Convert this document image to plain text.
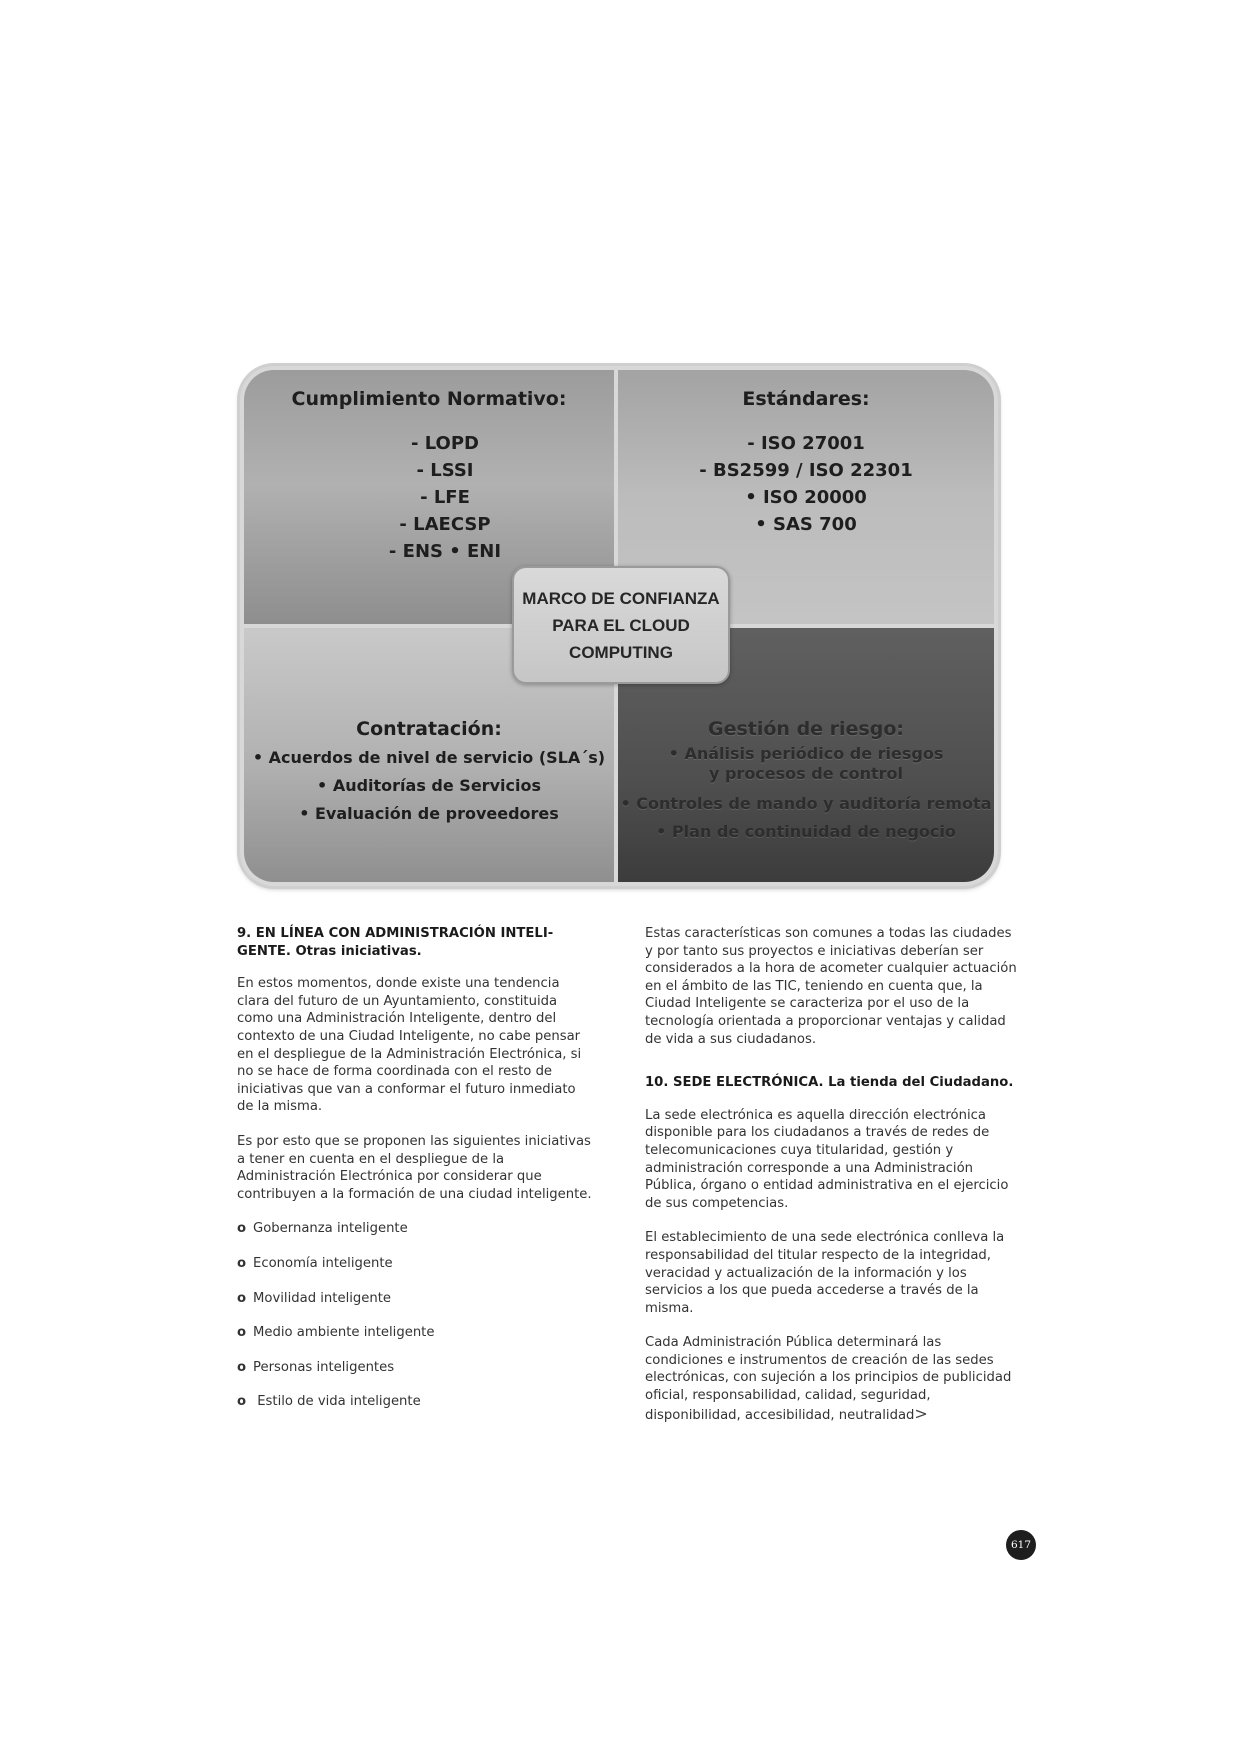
Cumplimiento Normativo:
- LOPD
- LSSI
- LFE
- LAECSP
- ENS • ENI
Estándares:
- ISO 27001
- BS2599 / ISO 22301
• ISO 20000
• SAS 700
Contratación:
• Acuerdos de nivel de servicio (SLA´s)
• Auditorías de Servicios
• Evaluación de proveedores
Gestión de riesgo:
• Análisis periódico de riesgos
y procesos de control
• Controles de mando y auditoría remota
• Plan de continuidad de negocio
MARCO DE CONFIANZA
PARA EL CLOUD
COMPUTING
9. EN LÍNEA CON ADMINISTRACIÓN INTELI-
GENTE. Otras iniciativas.
En estos momentos, donde existe una tendencia clara del futuro de un Ayuntamiento, constituida como una Administración Inteligente, dentro del contexto de una Ciudad Inteligente, no cabe pensar en el despliegue de la Administración Electrónica, si no se hace de forma coordinada con el resto de iniciativas que van a conformar el futuro inmediato de la misma.
Es por esto que se proponen las siguientes iniciativas a tener en cuenta en el despliegue de la Administración Electrónica por considerar que contribuyen a la formación de una ciudad inteligente.
o Gobernanza inteligente
o Economía inteligente
o Movilidad inteligente
o Medio ambiente inteligente
o Personas inteligentes
o Estilo de vida inteligente
Estas características son comunes a todas las ciudades y por tanto sus proyectos e iniciativas deberían ser considerados a la hora de acometer cualquier actuación en el ámbito de las TIC, teniendo en cuenta que, la Ciudad Inteligente se caracteriza por el uso de la tecnología orientada a proporcionar ventajas y calidad de vida a sus ciudadanos.
10. SEDE ELECTRÓNICA. La tienda del Ciudadano.
La sede electrónica es aquella dirección electrónica disponible para los ciudadanos a través de redes de telecomunicaciones cuya titularidad, gestión y administración corresponde a una Administración Pública, órgano o entidad administrativa en el ejercicio de sus competencias.
El establecimiento de una sede electrónica conlleva la responsabilidad del titular respecto de la integridad, veracidad y actualización de la información y los servicios a los que pueda accederse a través de la misma.
Cada Administración Pública determinará las condiciones e instrumentos de creación de las sedes electrónicas, con sujeción a los principios de publicidad oficial, responsabilidad, calidad, seguridad, disponibilidad, accesibilidad, neutralidad>
617
